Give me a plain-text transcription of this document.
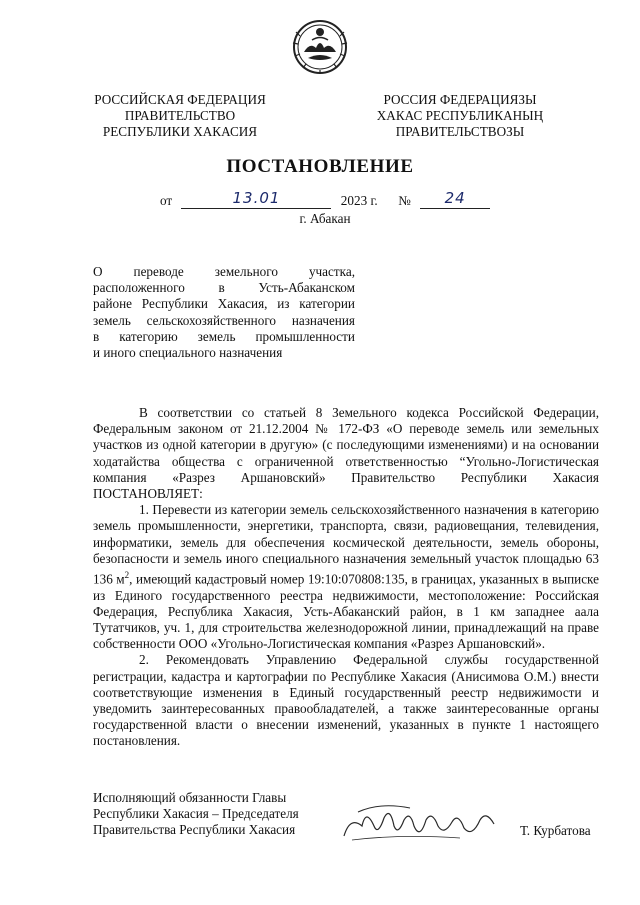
РОССИЙСКАЯ ФЕДЕРАЦИЯ
ПРАВИТЕЛЬСТВО
РЕСПУБЛИКИ ХАКАСИЯ
РОССИЯ ФЕДЕРАЦИЯЗЫ
ХАКАС РЕСПУБЛИКАНЫҢ
ПРАВИТЕЛЬСТВОЗЫ
ПОСТАНОВЛЕНИЕ
от	13.01	2023 г. №	24
г. Абакан
О переводе земельного участка,
расположенного в Усть-Абаканском
районе Республики Хакасия, из категории
земель сельскохозяйственного назначения
в категорию земель промышленности
и иного специального назначения

В соответствии со статьей 8 Земельного кодекса Российской Федерации, Федеральным законом от 21.12.2004 № 172-ФЗ «О переводе земель или земельных участков из одной категории в другую» (с последующими изменениями) и на основании ходатайства общества с ограниченной ответственностью “Угольно-Логистическая компания «Разрез Аршановский» Правительство Республики Хакасия ПОСТАНОВЛЯЕТ:

1. Перевести из категории земель сельскохозяйственного назначения в категорию земель промышленности, энергетики, транспорта, связи, радиовещания, телевидения, информатики, земель для обеспечения космической деятельности, земель обороны, безопасности и земель иного специального назначения земельный участок площадью 63 136 $м^2$, имеющий кадастровый номер 19:10:070808:135, в границах, указанных в выписке из Единого государственного реестра недвижимости, местоположение: Российская Федерация, Республика Хакасия, Усть-Абаканский район, в 1 км западнее аала Тутатчиков, уч. 1, для строительства железнодорожной линии, принадлежащий на праве собственности ООО «Угольно-Логистическая компания «Разрез Аршановский».

2. Рекомендовать Управлению Федеральной службы государственной регистрации, кадастра и картографии по Республике Хакасия (Анисимова О.М.) внести соответствующие изменения в Единый государственный реестр недвижимости и уведомить заинтересованных правообладателей, а также заинтересованные органы государственной власти о внесении изменений, указанных в пункте 1 настоящего постановления.

Исполняющий обязанности Главы
Республики Хакасия – Председателя
Правительства Республики Хакасия	Т. Курбатова
